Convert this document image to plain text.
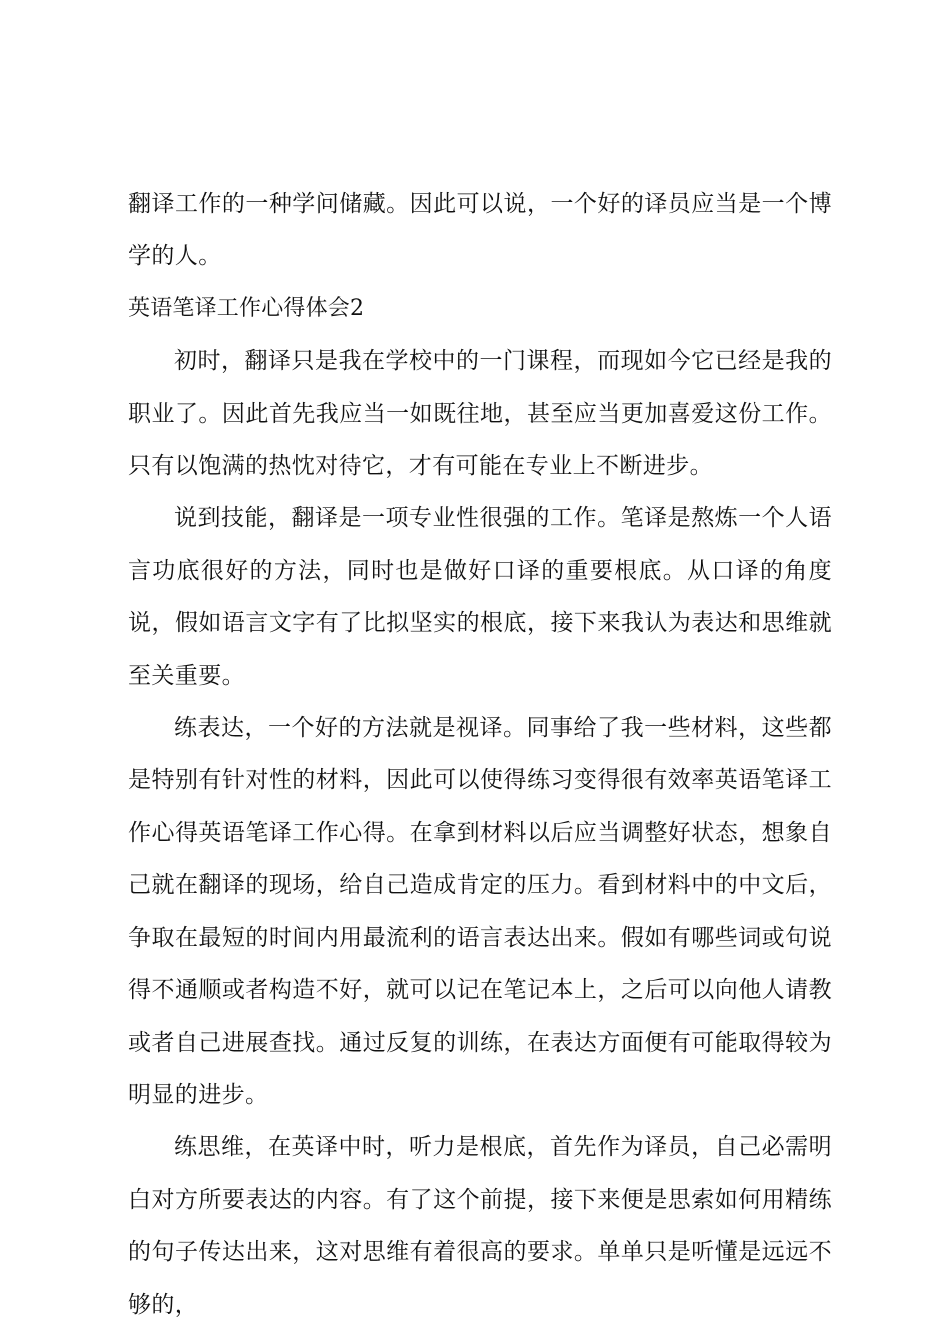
翻译工作的一种学问储藏。因此可以说，一个好的译员应当是一个博学的人。

英语笔译工作心得体会2

初时，翻译只是我在学校中的一门课程，而现如今它已经是我的职业了。因此首先我应当一如既往地，甚至应当更加喜爱这份工作。只有以饱满的热忱对待它，才有可能在专业上不断进步。

说到技能，翻译是一项专业性很强的工作。笔译是熬炼一个人语言功底很好的方法，同时也是做好口译的重要根底。从口译的角度说，假如语言文字有了比拟坚实的根底，接下来我认为表达和思维就至关重要。

练表达，一个好的方法就是视译。同事给了我一些材料，这些都是特别有针对性的材料，因此可以使得练习变得很有效率英语笔译工作心得英语笔译工作心得。在拿到材料以后应当调整好状态，想象自己就在翻译的现场，给自己造成肯定的压力。看到材料中的中文后，争取在最短的时间内用最流利的语言表达出来。假如有哪些词或句说得不通顺或者构造不好，就可以记在笔记本上，之后可以向他人请教或者自己进展查找。通过反复的训练，在表达方面便有可能取得较为明显的进步。

练思维，在英译中时，听力是根底，首先作为译员，自己必需明白对方所要表达的内容。有了这个前提，接下来便是思索如何用精练的句子传达出来，这对思维有着很高的要求。单单只是听懂是远远不够的，
